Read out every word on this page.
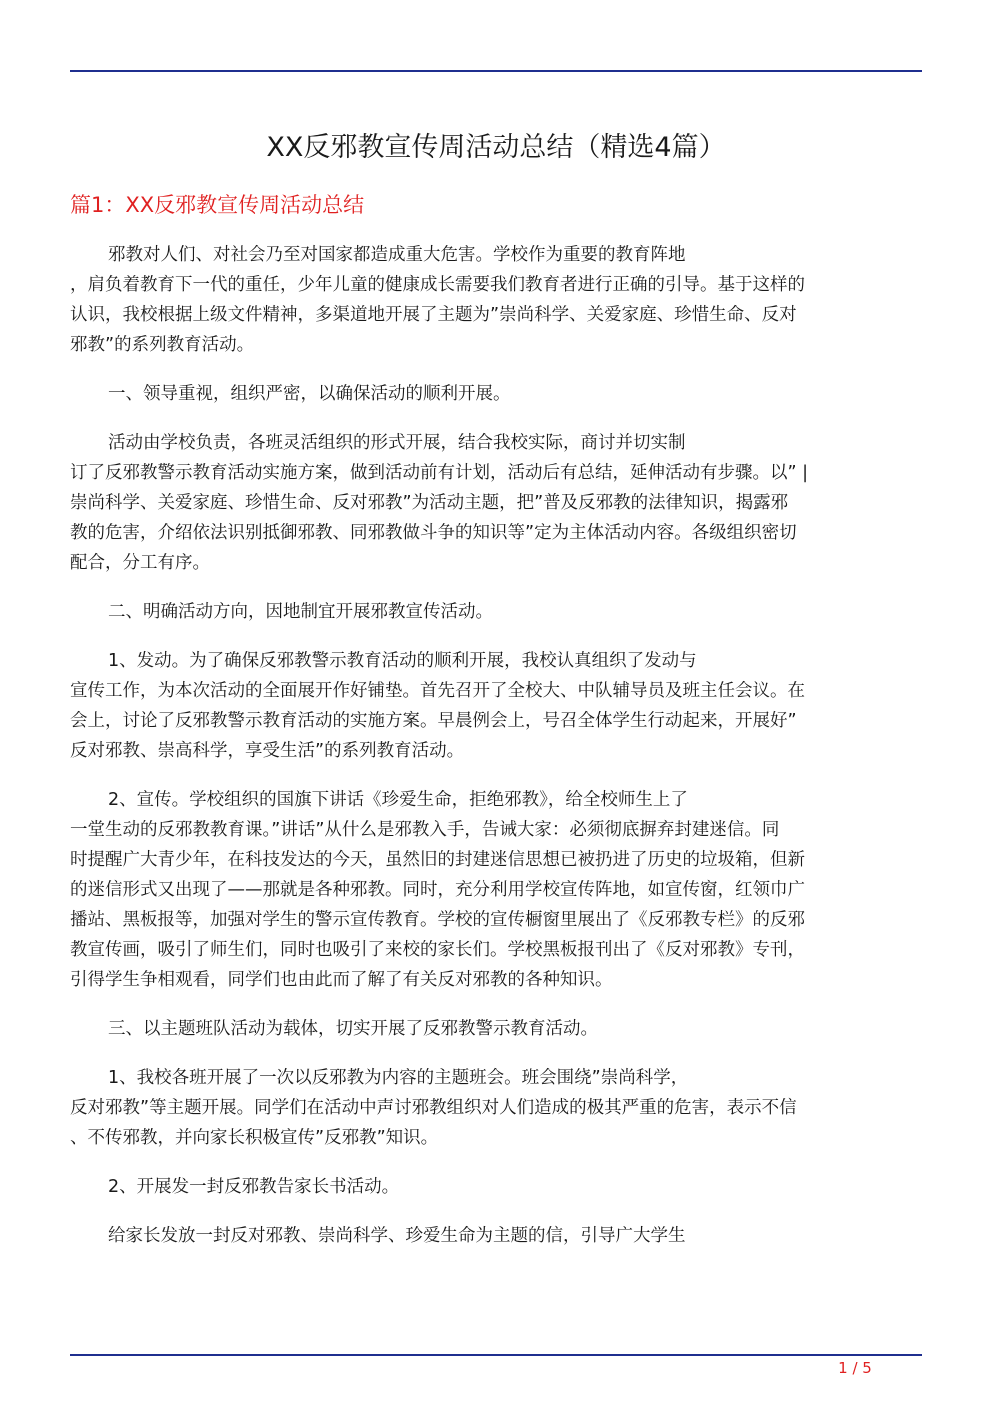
XX反邪教宣传周活动总结（精选4篇）
篇1：XX反邪教宣传周活动总结

邪教对人们、对社会乃至对国家都造成重大危害。学校作为重要的教育阵地
，肩负着教育下一代的重任，少年儿童的健康成长需要我们教育者进行正确的引导。基于这样的
认识，我校根据上级文件精神，多渠道地开展了主题为”崇尚科学、关爱家庭、珍惜生命、反对
邪教”的系列教育活动。

一、领导重视，组织严密，以确保活动的顺利开展。

活动由学校负责，各班灵活组织的形式开展，结合我校实际，商讨并切实制
订了反邪教警示教育活动实施方案，做到活动前有计划，活动后有总结，延伸活动有步骤。以” |
崇尚科学、关爱家庭、珍惜生命、反对邪教”为活动主题，把”普及反邪教的法律知识，揭露邪
教的危害，介绍依法识别抵御邪教、同邪教做斗争的知识等”定为主体活动内容。各级组织密切
配合，分工有序。

二、明确活动方向，因地制宜开展邪教宣传活动。

1、发动。为了确保反邪教警示教育活动的顺利开展，我校认真组织了发动与
宣传工作，为本次活动的全面展开作好铺垫。首先召开了全校大、中队辅导员及班主任会议。在
会上，讨论了反邪教警示教育活动的实施方案。早晨例会上，号召全体学生行动起来，开展好”
反对邪教、崇高科学，享受生活”的系列教育活动。

2、宣传。学校组织的国旗下讲话《珍爱生命，拒绝邪教》，给全校师生上了
一堂生动的反邪教教育课。”讲话”从什么是邪教入手，告诫大家：必须彻底摒弃封建迷信。同
时提醒广大青少年，在科技发达的今天，虽然旧的封建迷信思想已被扔进了历史的垃圾箱，但新
的迷信形式又出现了——那就是各种邪教。同时，充分利用学校宣传阵地，如宣传窗，红领巾广
播站、黑板报等，加强对学生的警示宣传教育。学校的宣传橱窗里展出了《反邪教专栏》的反邪
教宣传画，吸引了师生们，同时也吸引了来校的家长们。学校黑板报刊出了《反对邪教》专刊，
引得学生争相观看，同学们也由此而了解了有关反对邪教的各种知识。

三、以主题班队活动为载体，切实开展了反邪教警示教育活动。

1、我校各班开展了一次以反邪教为内容的主题班会。班会围绕”崇尚科学，
反对邪教”等主题开展。同学们在活动中声讨邪教组织对人们造成的极其严重的危害，表示不信
、不传邪教，并向家长积极宣传”反邪教”知识。

2、开展发一封反邪教告家长书活动。

给家长发放一封反对邪教、崇尚科学、珍爱生命为主题的信，引导广大学生

1 / 5
